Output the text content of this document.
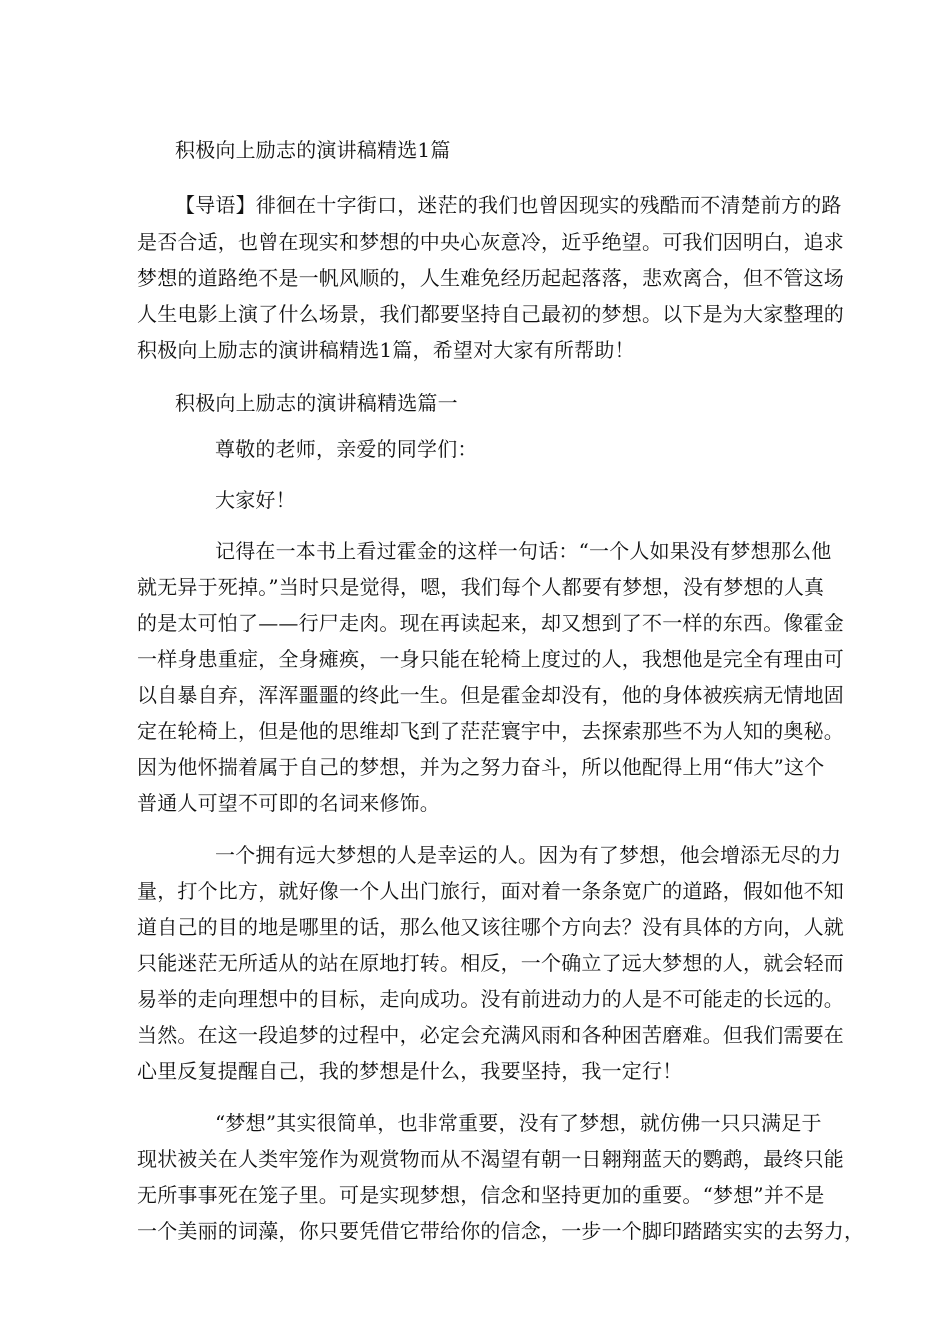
积极向上励志的演讲稿精选1篇
【导语】徘徊在十字街口，迷茫的我们也曾因现实的残酷而不清楚前方的路
是否合适，也曾在现实和梦想的中央心灰意冷，近乎绝望。可我们因明白，追求
梦想的道路绝不是一帆风顺的，人生难免经历起起落落，悲欢离合，但不管这场
人生电影上演了什么场景，我们都要坚持自己最初的梦想。以下是为大家整理的
积极向上励志的演讲稿精选1篇，希望对大家有所帮助！
积极向上励志的演讲稿精选篇一
尊敬的老师，亲爱的同学们：
大家好！
记得在一本书上看过霍金的这样一句话：“一个人如果没有梦想那么他
就无异于死掉。”当时只是觉得，嗯，我们每个人都要有梦想，没有梦想的人真
的是太可怕了——行尸走肉。现在再读起来，却又想到了不一样的东西。像霍金
一样身患重症，全身瘫痪，一身只能在轮椅上度过的人，我想他是完全有理由可
以自暴自弃，浑浑噩噩的终此一生。但是霍金却没有，他的身体被疾病无情地固
定在轮椅上，但是他的思维却飞到了茫茫寰宇中，去探索那些不为人知的奥秘。
因为他怀揣着属于自己的梦想，并为之努力奋斗，所以他配得上用“伟大”这个
普通人可望不可即的名词来修饰。
一个拥有远大梦想的人是幸运的人。因为有了梦想，他会增添无尽的力
量，打个比方，就好像一个人出门旅行，面对着一条条宽广的道路，假如他不知
道自己的目的地是哪里的话，那么他又该往哪个方向去？没有具体的方向，人就
只能迷茫无所适从的站在原地打转。相反，一个确立了远大梦想的人，就会轻而
易举的走向理想中的目标，走向成功。没有前进动力的人是不可能走的长远的。
当然。在这一段追梦的过程中，必定会充满风雨和各种困苦磨难。但我们需要在
心里反复提醒自己，我的梦想是什么，我要坚持，我一定行！
“梦想”其实很简单，也非常重要，没有了梦想，就仿佛一只只满足于
现状被关在人类牢笼作为观赏物而从不渴望有朝一日翱翔蓝天的鹦鹉，最终只能
无所事事死在笼子里。可是实现梦想，信念和坚持更加的重要。“梦想”并不是
一个美丽的词藻，你只要凭借它带给你的信念，一步一个脚印踏踏实实的去努力，
